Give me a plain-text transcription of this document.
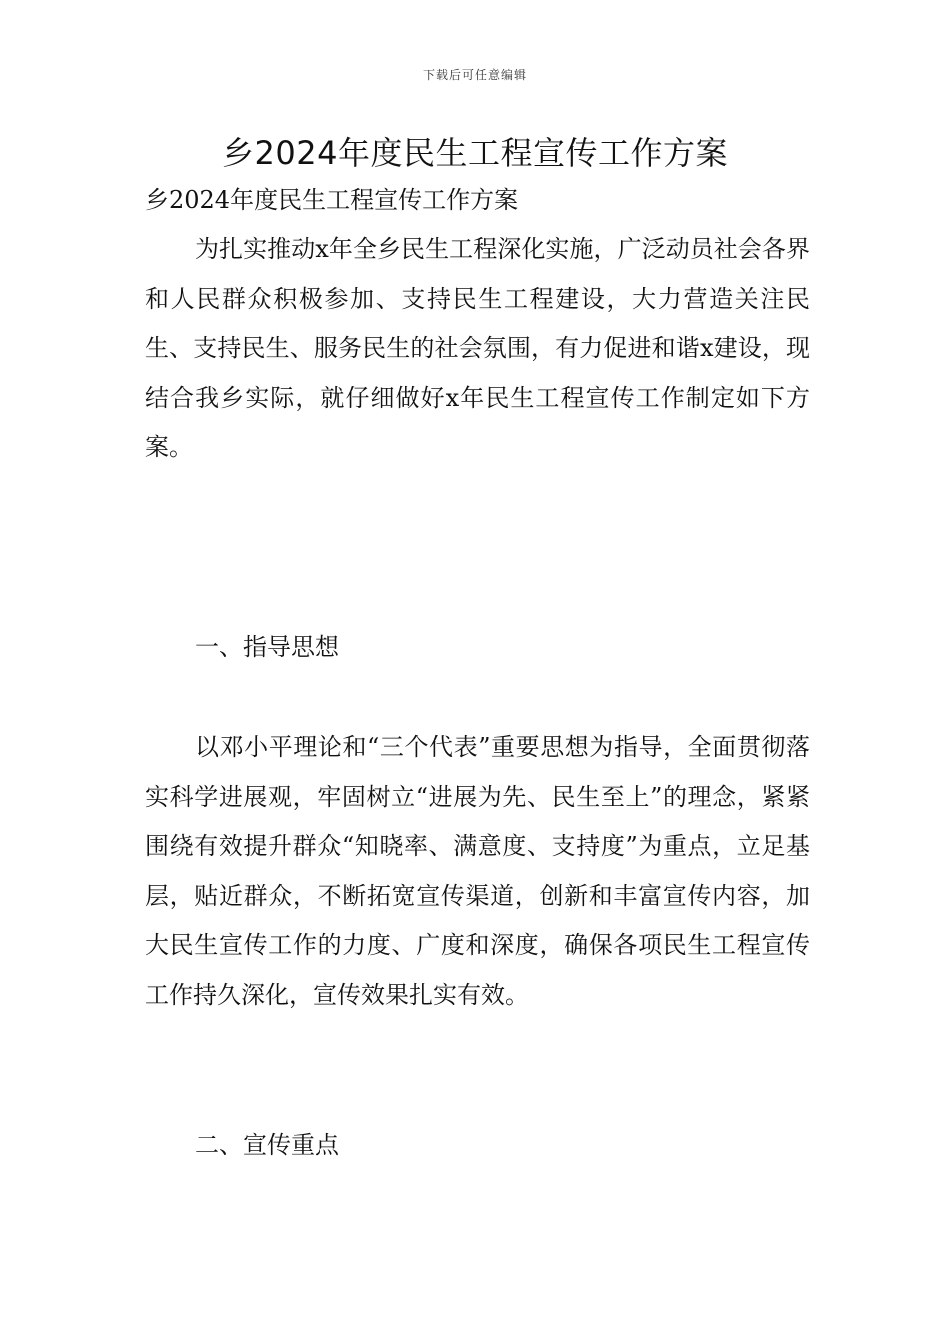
下载后可任意编辑
乡2024年度民生工程宣传工作方案
乡2024年度民生工程宣传工作方案

为扎实推动x年全乡民生工程深化实施，广泛动员社会各界和人民群众积极参加、支持民生工程建设，大力营造关注民生、支持民生、服务民生的社会氛围，有力促进和谐x建设，现结合我乡实际，就仔细做好x年民生工程宣传工作制定如下方案。

一、指导思想

以邓小平理论和“三个代表”重要思想为指导，全面贯彻落实科学进展观，牢固树立“进展为先、民生至上”的理念，紧紧围绕有效提升群众“知晓率、满意度、支持度”为重点，立足基层，贴近群众，不断拓宽宣传渠道，创新和丰富宣传内容，加大民生宣传工作的力度、广度和深度，确保各项民生工程宣传工作持久深化，宣传效果扎实有效。

二、宣传重点
